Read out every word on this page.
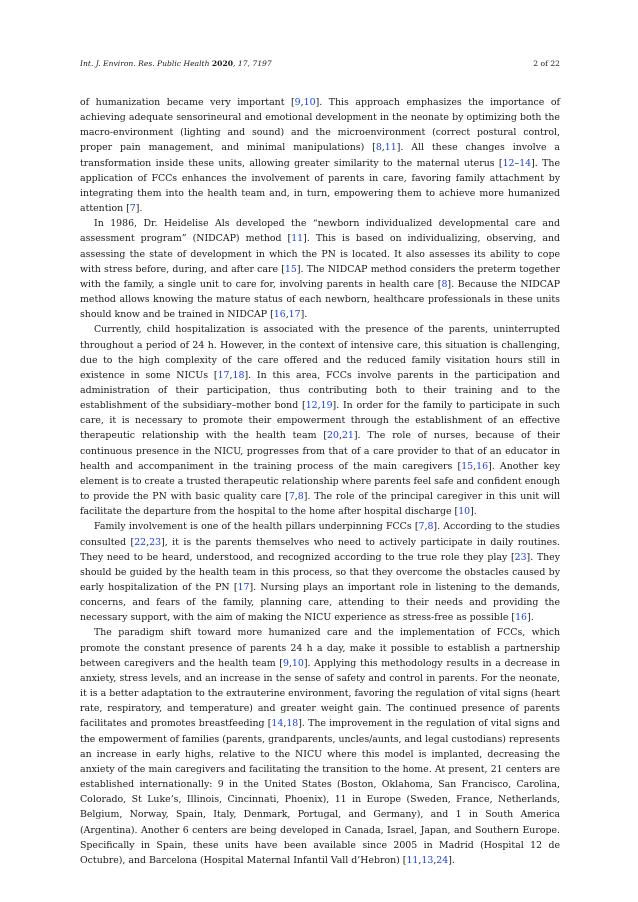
Int. J. Environ. Res. Public Health 2020, 17, 7197	2 of 22

of humanization became very important [9,10]. This approach emphasizes the importance of achieving adequate sensorineural and emotional development in the neonate by optimizing both the macro-environment (lighting and sound) and the microenvironment (correct postural control, proper pain management, and minimal manipulations) [8,11]. All these changes involve a transformation inside these units, allowing greater similarity to the maternal uterus [12–14]. The application of FCCs enhances the involvement of parents in care, favoring family attachment by integrating them into the health team and, in turn, empowering them to achieve more humanized attention [7].

In 1986, Dr. Heidelise Als developed the “newborn individualized developmental care and assessment program” (NIDCAP) method [11]. This is based on individualizing, observing, and assessing the state of development in which the PN is located. It also assesses its ability to cope with stress before, during, and after care [15]. The NIDCAP method considers the preterm together with the family, a single unit to care for, involving parents in health care [8]. Because the NIDCAP method allows knowing the mature status of each newborn, healthcare professionals in these units should know and be trained in NIDCAP [16,17].

Currently, child hospitalization is associated with the presence of the parents, uninterrupted throughout a period of 24 h. However, in the context of intensive care, this situation is challenging, due to the high complexity of the care offered and the reduced family visitation hours still in existence in some NICUs [17,18]. In this area, FCCs involve parents in the participation and administration of their participation, thus contributing both to their training and to the establishment of the subsidiary–mother bond [12,19]. In order for the family to participate in such care, it is necessary to promote their empowerment through the establishment of an effective therapeutic relationship with the health team [20,21]. The role of nurses, because of their continuous presence in the NICU, progresses from that of a care provider to that of an educator in health and accompaniment in the training process of the main caregivers [15,16]. Another key element is to create a trusted therapeutic relationship where parents feel safe and confident enough to provide the PN with basic quality care [7,8]. The role of the principal caregiver in this unit will facilitate the departure from the hospital to the home after hospital discharge [10].

Family involvement is one of the health pillars underpinning FCCs [7,8]. According to the studies consulted [22,23], it is the parents themselves who need to actively participate in daily routines. They need to be heard, understood, and recognized according to the true role they play [23]. They should be guided by the health team in this process, so that they overcome the obstacles caused by early hospitalization of the PN [17]. Nursing plays an important role in listening to the demands, concerns, and fears of the family, planning care, attending to their needs and providing the necessary support, with the aim of making the NICU experience as stress-free as possible [16].

The paradigm shift toward more humanized care and the implementation of FCCs, which promote the constant presence of parents 24 h a day, make it possible to establish a partnership between caregivers and the health team [9,10]. Applying this methodology results in a decrease in anxiety, stress levels, and an increase in the sense of safety and control in parents. For the neonate, it is a better adaptation to the extrauterine environment, favoring the regulation of vital signs (heart rate, respiratory, and temperature) and greater weight gain. The continued presence of parents facilitates and promotes breastfeeding [14,18]. The improvement in the regulation of vital signs and the empowerment of families (parents, grandparents, uncles/aunts, and legal custodians) represents an increase in early highs, relative to the NICU where this model is implanted, decreasing the anxiety of the main caregivers and facilitating the transition to the home. At present, 21 centers are established internationally: 9 in the United States (Boston, Oklahoma, San Francisco, Carolina, Colorado, St Luke’s, Illinois, Cincinnati, Phoenix), 11 in Europe (Sweden, France, Netherlands, Belgium, Norway, Spain, Italy, Denmark, Portugal, and Germany), and 1 in South America (Argentina). Another 6 centers are being developed in Canada, Israel, Japan, and Southern Europe. Specifically in Spain, these units have been available since 2005 in Madrid (Hospital 12 de Octubre), and Barcelona (Hospital Maternal Infantil Vall d’Hebron) [11,13,24].
